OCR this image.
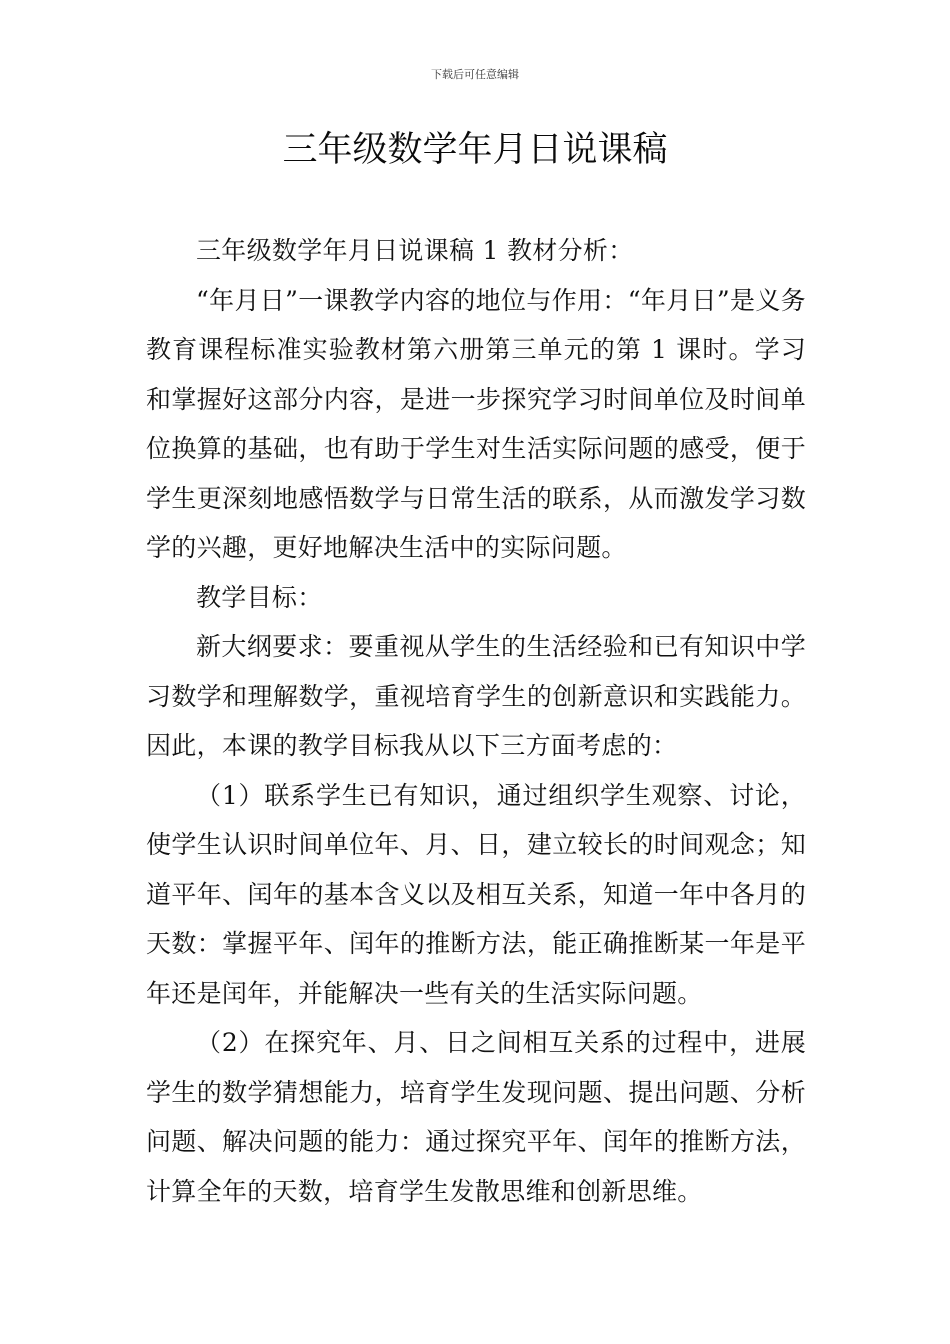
下载后可任意编辑
三年级数学年月日说课稿

三年级数学年月日说课稿 1 教材分析：

“年月日”一课教学内容的地位与作用：“年月日”是义务教育课程标准实验教材第六册第三单元的第 1 课时。学习和掌握好这部分内容，是进一步探究学习时间单位及时间单位换算的基础，也有助于学生对生活实际问题的感受，便于学生更深刻地感悟数学与日常生活的联系，从而激发学习数学的兴趣，更好地解决生活中的实际问题。

教学目标：

新大纲要求：要重视从学生的生活经验和已有知识中学习数学和理解数学，重视培育学生的创新意识和实践能力。因此，本课的教学目标我从以下三方面考虑的：

（1）联系学生已有知识，通过组织学生观察、讨论，使学生认识时间单位年、月、日，建立较长的时间观念；知道平年、闰年的基本含义以及相互关系，知道一年中各月的天数：掌握平年、闰年的推断方法，能正确推断某一年是平年还是闰年，并能解决一些有关的生活实际问题。

（2）在探究年、月、日之间相互关系的过程中，进展学生的数学猜想能力，培育学生发现问题、提出问题、分析问题、解决问题的能力：通过探究平年、闰年的推断方法，计算全年的天数，培育学生发散思维和创新思维。
